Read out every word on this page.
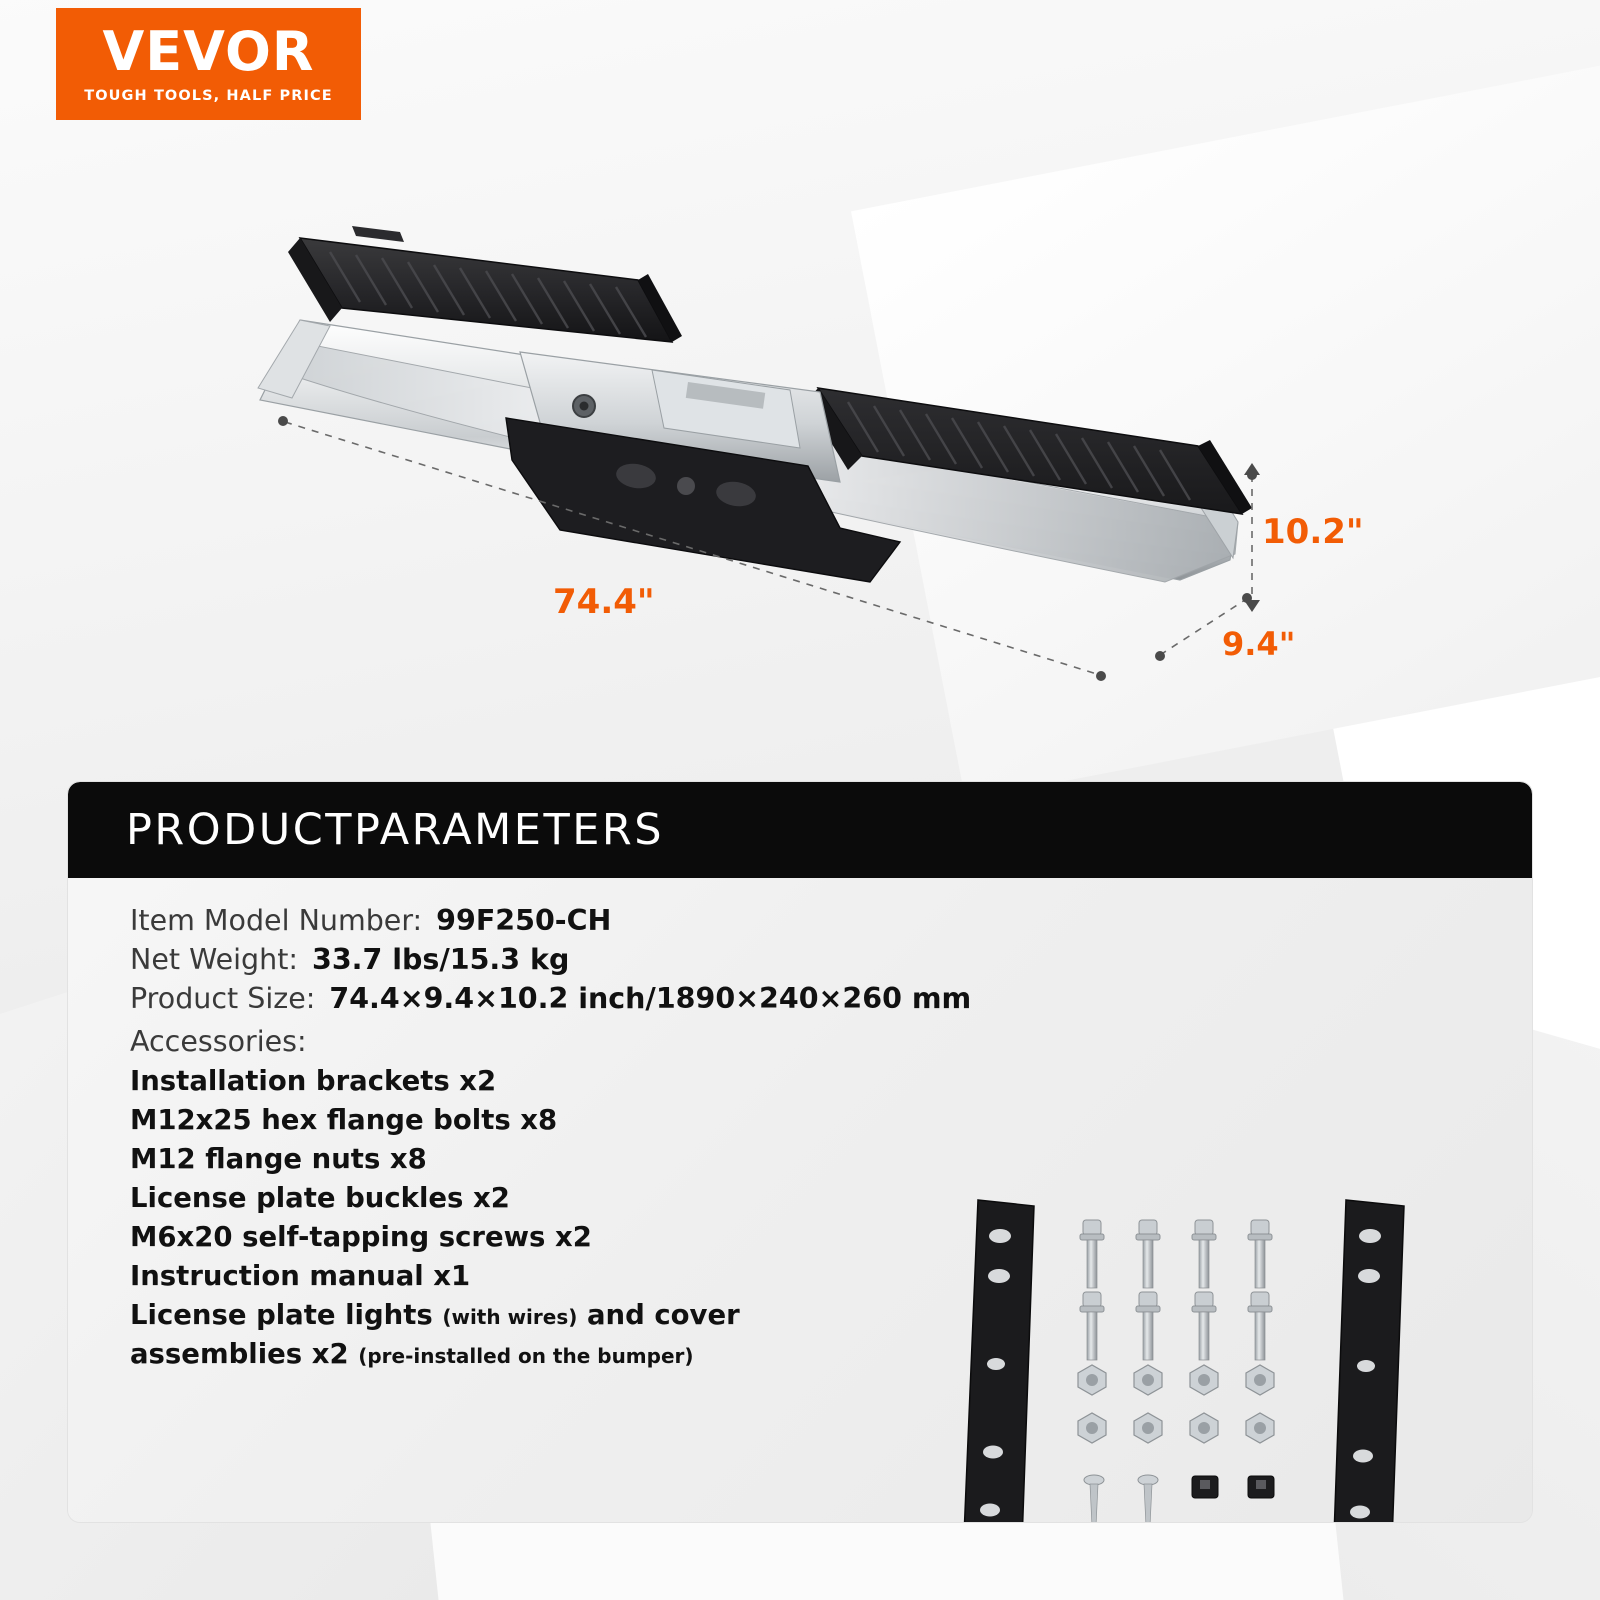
VEVOR
TOUGH TOOLS, HALF PRICE
74.4"
10.2"
9.4"
PRODUCTPARAMETERS
Item Model Number: 99F250-CH
Net Weight: 33.7 lbs/15.3 kg
Product Size: 74.4×9.4×10.2 inch/1890×240×260 mm
Accessories:
Installation brackets x2
M12x25 hex flange bolts x8
M12 flange nuts x8
License plate buckles x2
M6x20 self-tapping screws x2
Instruction manual x1
License plate lights (with wires) and cover
assemblies x2 (pre-installed on the bumper)
